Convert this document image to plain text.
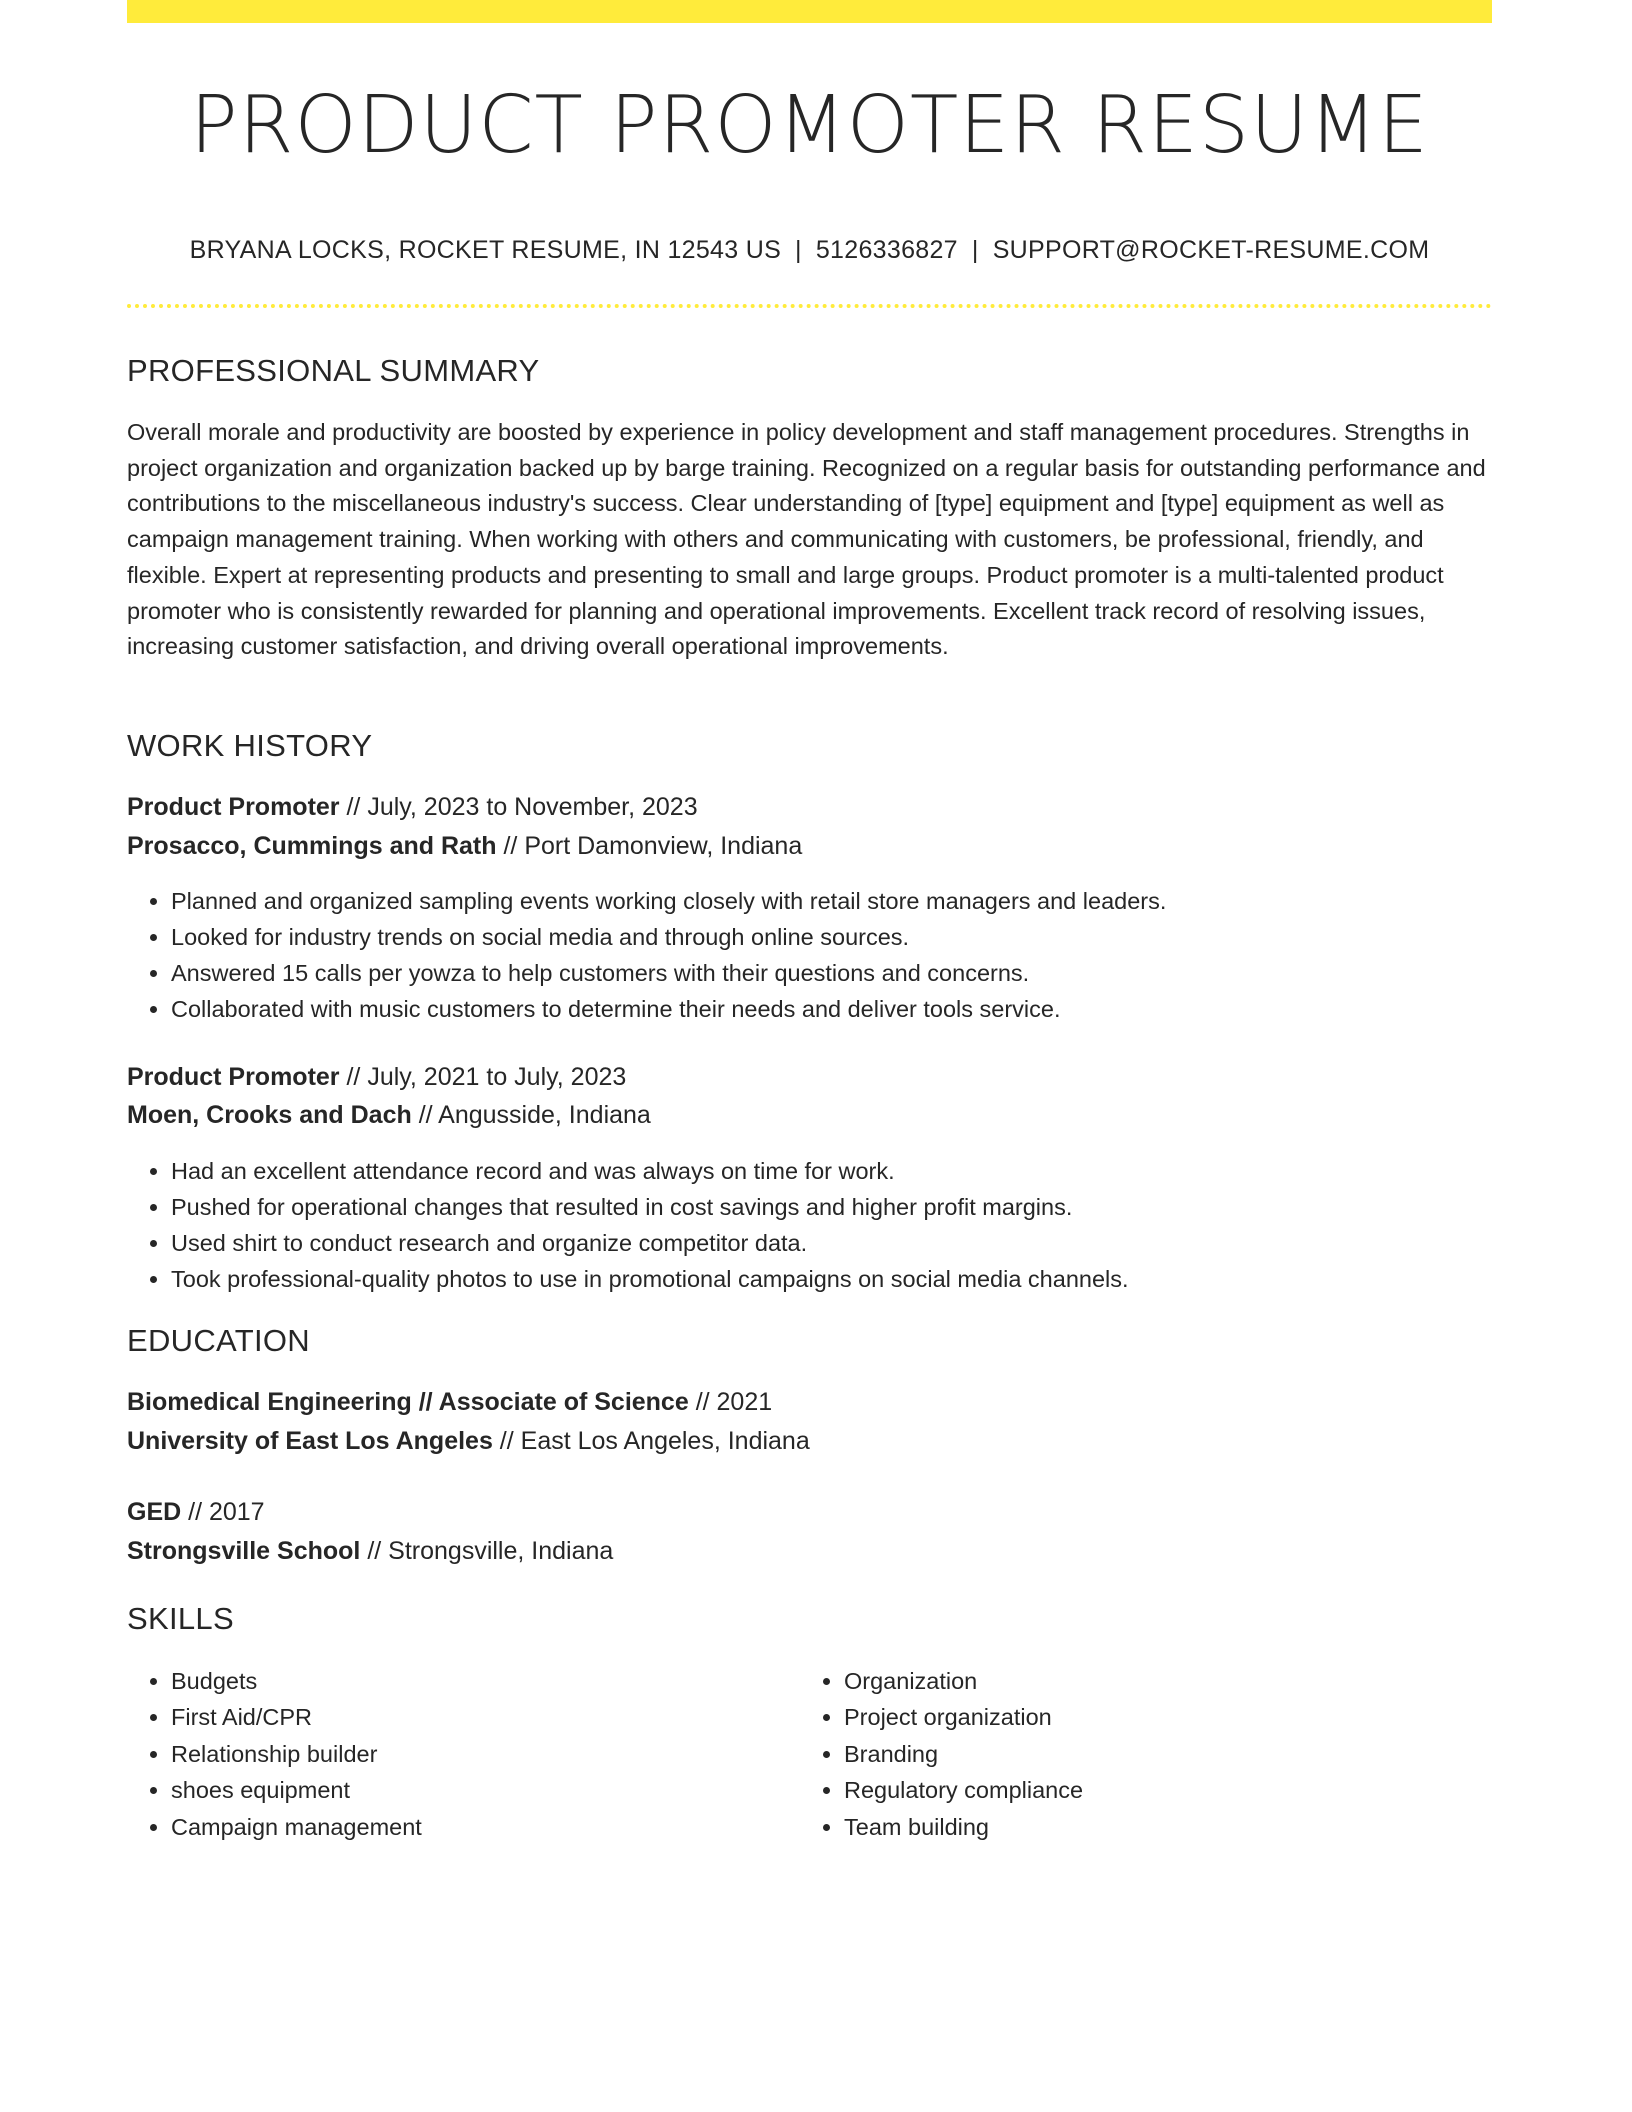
PRODUCT PROMOTER RESUME
BRYANA LOCKS, ROCKET RESUME, IN 12543 US | 5126336827 | SUPPORT@ROCKET-RESUME.COM
PROFESSIONAL SUMMARY

Overall morale and productivity are boosted by experience in policy development and staff management procedures. Strengths in project organization and organization backed up by barge training. Recognized on a regular basis for outstanding performance and contributions to the miscellaneous industry's success. Clear understanding of [type] equipment and [type] equipment as well as campaign management training. When working with others and communicating with customers, be professional, friendly, and flexible. Expert at representing products and presenting to small and large groups. Product promoter is a multi-talented product promoter who is consistently rewarded for planning and operational improvements. Excellent track record of resolving issues, increasing customer satisfaction, and driving overall operational improvements.

WORK HISTORY
Product Promoter // July, 2023 to November, 2023
Prosacco, Cummings and Rath // Port Damonview, Indiana
• Planned and organized sampling events working closely with retail store managers and leaders.
• Looked for industry trends on social media and through online sources.
• Answered 15 calls per yowza to help customers with their questions and concerns.
• Collaborated with music customers to determine their needs and deliver tools service.
Product Promoter // July, 2021 to July, 2023
Moen, Crooks and Dach // Angusside, Indiana
• Had an excellent attendance record and was always on time for work.
• Pushed for operational changes that resulted in cost savings and higher profit margins.
• Used shirt to conduct research and organize competitor data.
• Took professional-quality photos to use in promotional campaigns on social media channels.
EDUCATION
Biomedical Engineering // Associate of Science // 2021
University of East Los Angeles // East Los Angeles, Indiana
GED // 2017
Strongsville School // Strongsville, Indiana
SKILLS
• Budgets
• First Aid/CPR
• Relationship builder
• shoes equipment
• Campaign management
• Organization
• Project organization
• Branding
• Regulatory compliance
• Team building
